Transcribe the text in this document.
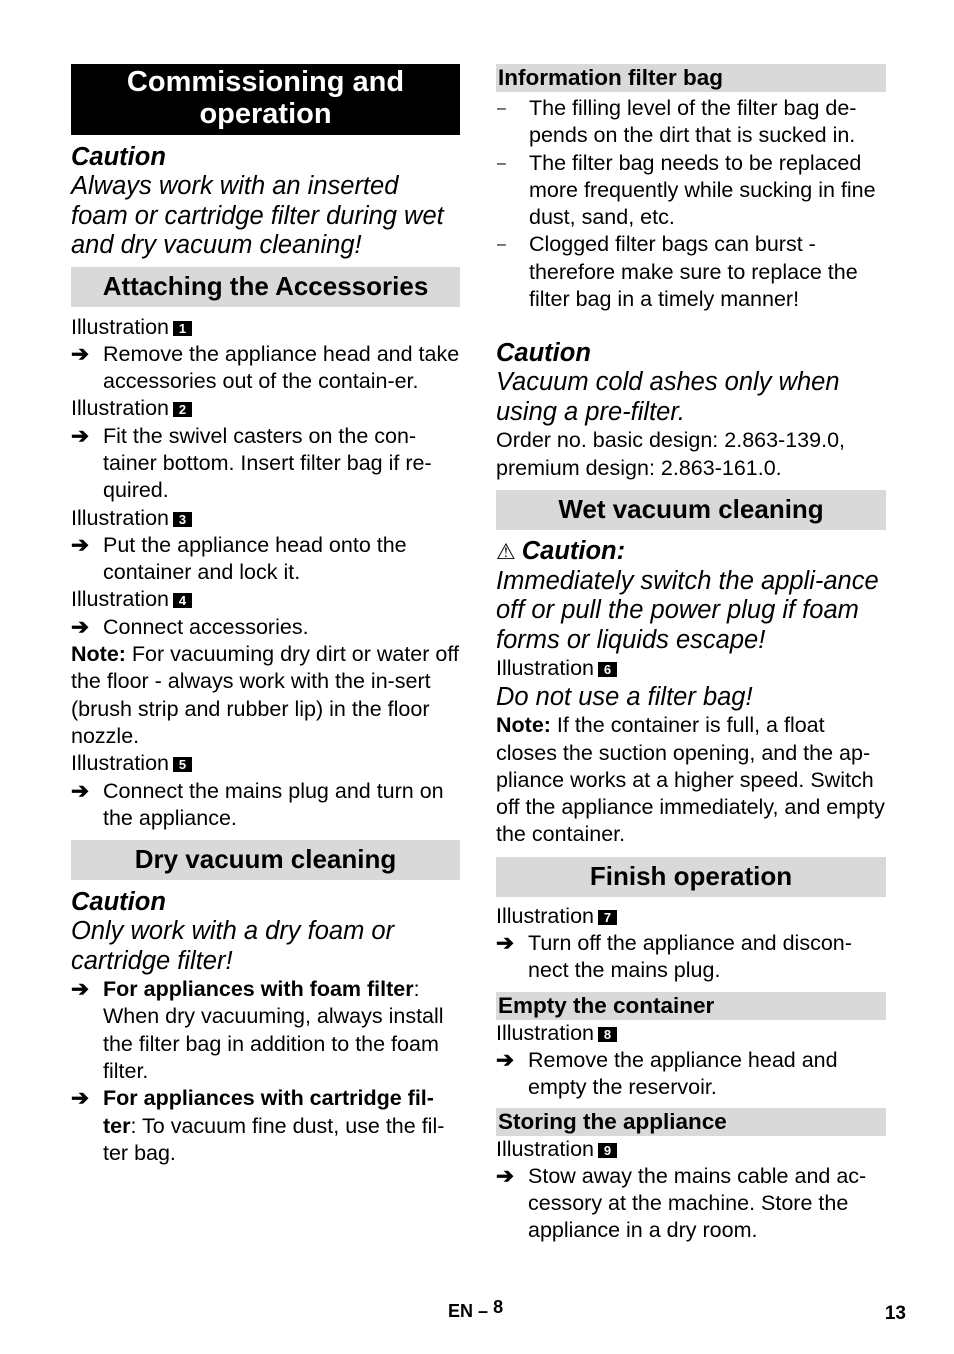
Commissioning and operation

Caution

Always work with an inserted foam or cartridge filter during wet and dry vacuum cleaning!

Attaching the Accessories

Illustration 1

➔ Remove the appliance head and take accessories out of the contain-er.

Illustration 2

➔ Fit the swivel casters on the con-tainer bottom. Insert filter bag if re-quired.

Illustration 3

➔ Put the appliance head onto the container and lock it.

Illustration 4

➔ Connect accessories.

Note: For vacuuming dry dirt or water off the floor - always work with the in-sert (brush strip and rubber lip) in the floor nozzle.

Illustration 5

➔ Connect the mains plug and turn on the appliance.
Dry vacuum cleaning

Caution

Only work with a dry foam or cartridge filter!

➔ For appliances with foam filter: When dry vacuuming, always install the filter bag in addition to the foam filter.
➔ For appliances with cartridge fil-ter: To vacuum fine dust, use the fil-ter bag.
Information filter bag
–	The filling level of the filter bag de-pends on the dirt that is sucked in.
–	The filter bag needs to be replaced more frequently while sucking in fine dust, sand, etc.
–	Clogged filter bags can burst - therefore make sure to replace the filter bag in a timely manner!

Caution

Vacuum cold ashes only when using a pre-filter.

Order no. basic design: 2.863-139.0, premium design: 2.863-161.0.

Wet vacuum cleaning

⚠ Caution:

Immediately switch the appli-ance off or pull the power plug if foam forms or liquids escape!

Illustration 6

Do not use a filter bag!

Note: If the container is full, a float closes the suction opening, and the ap-pliance works at a higher speed. Switch off the appliance immediately, and empty the container.

Finish operation

Illustration 7

➔ Turn off the appliance and discon-nect the mains plug.
Empty the container

Illustration 8

➔ Remove the appliance head and empty the reservoir.
Storing the appliance

Illustration 9

➔ Stow away the mains cable and ac-cessory at the machine. Store the appliance in a dry room.
EN – 8	13
